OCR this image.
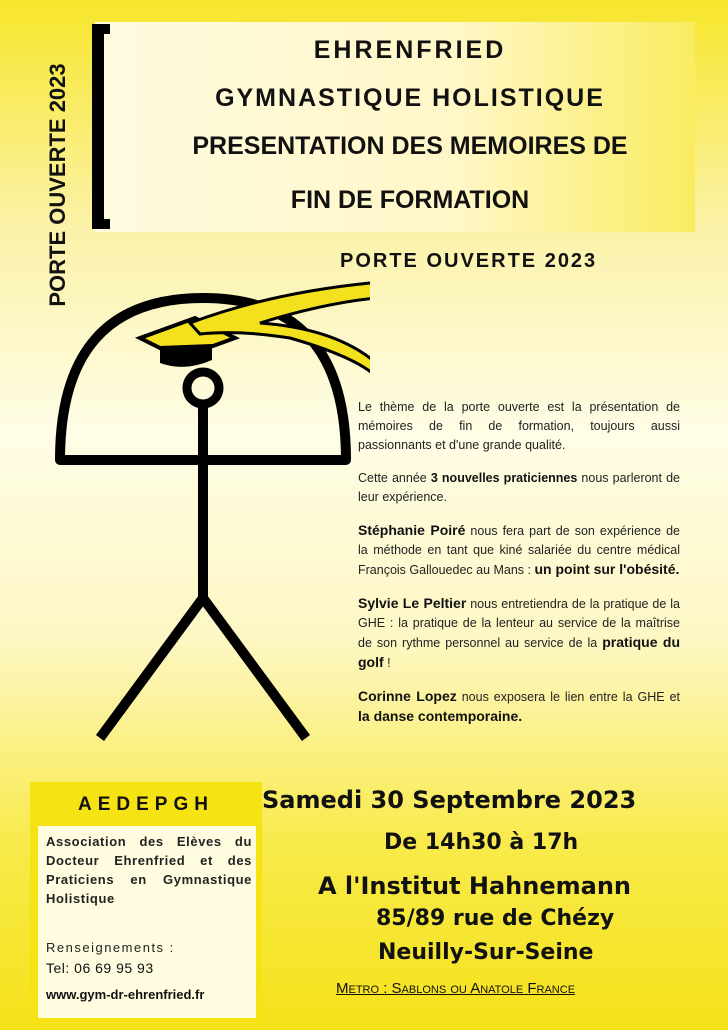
EHRENFRIED
GYMNASTIQUE HOLISTIQUE
PRESENTATION DES MEMOIRES DE
FIN DE FORMATION
PORTE OUVERTE 2023	PORTE OUVERTE 2023

Le thème de la porte ouverte est la présentation de mémoires de fin de formation, toujours aussi passionnants et d'une grande qualité.

Cette année 3 nouvelles praticiennes nous parleront de leur expérience.

Stéphanie Poiré nous fera part de son expérience de la méthode en tant que kiné salariée du centre médical François Gallouedec au Mans : un point sur l'obésité.

Sylvie Le Peltier nous entretiendra de la pratique de la GHE : la pratique de la lenteur au service de la maîtrise de son rythme personnel au service de la pratique du golf !

Corinne Lopez nous exposera le lien entre la GHE et la danse contemporaine.

AEDEPGH
Association des Elèves du Docteur Ehrenfried et des Praticiens en Gymnastique Holistique
Renseignements :
Tel: 06 69 95 93
www.gym-dr-ehrenfried.fr
Samedi 30 Septembre 2023
De 14h30 à 17h
A l'Institut Hahnemann
85/89 rue de Chézy
Neuilly-Sur-Seine
Metro : Sablons ou Anatole France
